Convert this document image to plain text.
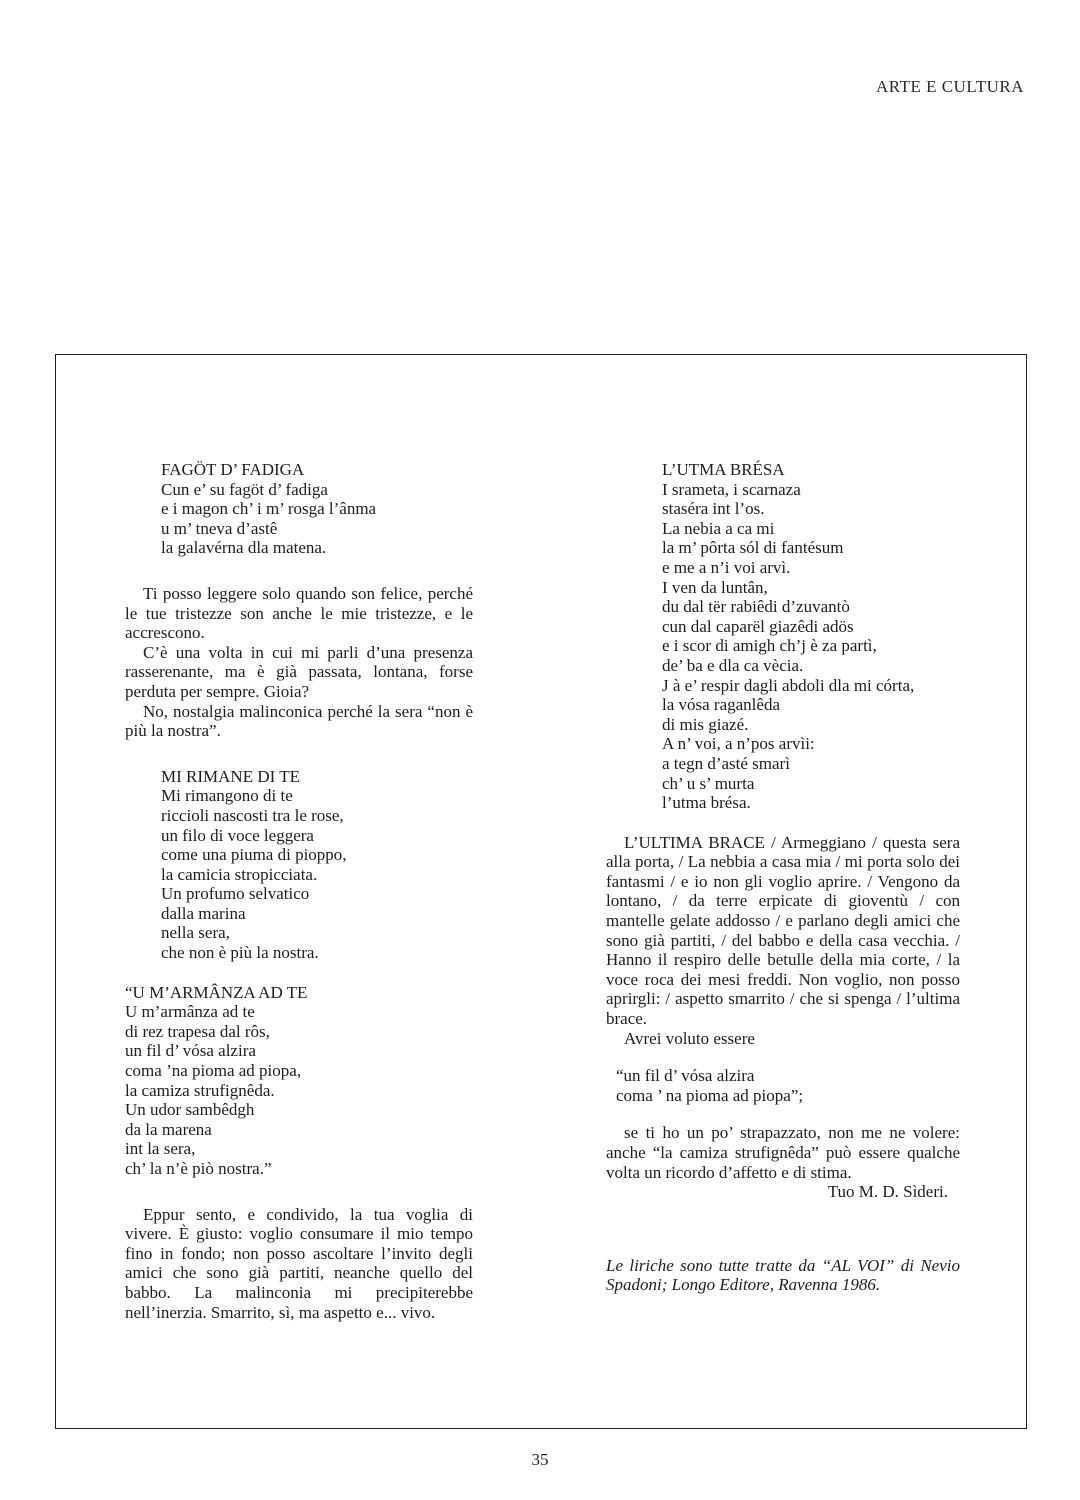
ARTE E CULTURA
FAGÖT D’ FADIGA
Cun e’ su fagöt d’ fadiga
e i magon ch’ i m’ rosga l’ânma
u m’ tneva d’astê
la galavérna dla matena.

Ti posso leggere solo quando son felice, perché le tue tristezze son anche le mie tristezze, e le accrescono.

C’è una volta in cui mi parli d’una presenza rasserenante, ma è già passata, lontana, forse perduta per sempre. Gioia?

No, nostalgia malinconica perché la sera “non è più la nostra”.

MI RIMANE DI TE
Mi rimangono di te
riccioli nascosti tra le rose,
un filo di voce leggera
come una piuma di pioppo,
la camicia stropicciata.
Un profumo selvatico
dalla marina
nella sera,
che non è più la nostra.
“U M’ARMÂNZA AD TE
U m’armânza ad te
di rez trapesa dal rôs,
un fil d’ vósa alzira
coma ’na pioma ad piopa,
la camiza strufignêda.
Un udor sambêdgh
da la marena
int la sera,
ch’ la n’è piò nostra.”

Eppur sento, e condivido, la tua voglia di vivere. È giusto: voglio consumare il mio tempo fino in fondo; non posso ascoltare l’invito degli amici che sono già partiti, neanche quello del babbo. La malinconia mi precipiterebbe nell’inerzia. Smarrito, sì, ma aspetto e... vivo.

L’UTMA BRÉSA
I srameta, i scarnaza
staséra int l’os.
La nebia a ca mi
la m’ pôrta sól di fantésum
e me a n’i voi arvì.
I ven da luntân,
du dal tër rabiêdi d’zuvantò
cun dal caparël giazêdi adös
e i scor di amigh ch’j è za partì,
de’ ba e dla ca vècia.
J à e’ respir dagli abdoli dla mi córta,
la vósa raganlêda
di mis giazé.
A n’ voi, a n’pos arvìi:
a tegn d’asté smarì
ch’ u s’ murta
l’utma brésa.

L’ULTIMA BRACE / Armeggiano / questa sera alla porta, / La nebbia a casa mia / mi porta solo dei fantasmi / e io non gli voglio aprire. / Vengono da lontano, / da terre erpicate di gioventù / con mantelle gelate addosso / e parlano degli amici che sono già partiti, / del babbo e della casa vecchia. / Hanno il respiro delle betulle della mia corte, / la voce roca dei mesi freddi. Non voglio, non posso aprirgli: / aspetto smarrito / che si spenga / l’ultima brace.

Avrei voluto essere

“un fil d’ vósa alzira
coma ’ na pioma ad piopa”;

se ti ho un po’ strapazzato, non me ne volere: anche “la camiza strufignêda” può essere qualche volta un ricordo d’affetto e di stima.

Tuo M. D. Sìderi.

Le liriche sono tutte tratte da “AL VOI” di Nevio Spadoni; Longo Editore, Ravenna 1986.

35
